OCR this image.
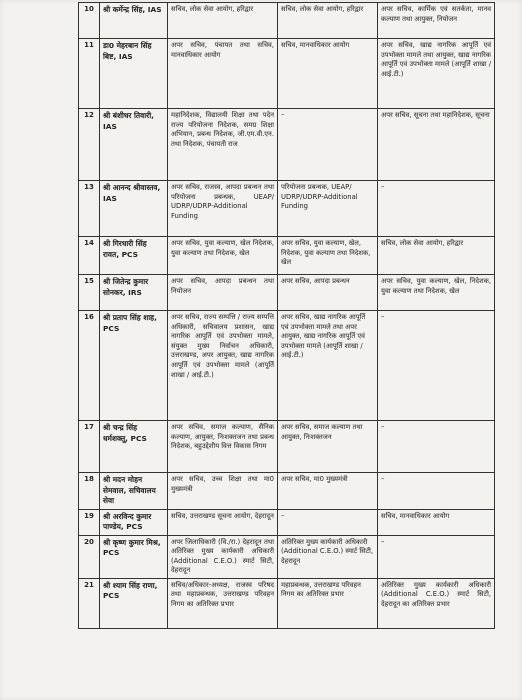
10	श्री कर्मेन्द्र सिंह, IAS	सचिव, लोक सेवा आयोग, हरिद्वार	सचिव, लोक सेवा आयोग, हरिद्वार	अपर सचिव, कार्मिक एवं सतर्कता, मानव कल्याण तथा आयुक्त, नियोजन
11	डा0 मेहरबान सिंह बिष्ट, IAS	अपर सचिव, पंचायत तथा सचिव, मानवाधिकार आयोग	सचिव, मानवाधिकार आयोग	अपर सचिव, खाद्य नागरिक आपूर्ति एवं उपभोक्ता मामले तथा आयुक्त, खाद्य नागरिक आपूर्ति एवं उपभोक्ता मामले (आपूर्ति शाखा / आई.टी.)
12	श्री बंशीधर तिवारी, IAS	महानिदेशक, विद्यालयी शिक्षा तथा पदेन राज्य परियोजना निदेशक, समग्र शिक्षा अभियान, प्रबन्ध निदेशक, जी.एम.वी.एन. तथा निदेशक, पंचायती राज	–	अपर सचिव, सूचना तथा महानिदेशक, सूचना
13	श्री आनन्द श्रीवास्तव, IAS	अपर सचिव, राजस्व, आपदा प्रबन्धन तथा परियोजना प्रबन्धक, UEAP/ UDRP/UDRP-Additional Funding	परियोजना प्रबन्धक, UEAP/ UDRP/UDRP-Additional Funding	–
14	श्री गिरधारी सिंह रावत, PCS	अपर सचिव, युवा कल्याण, खेल निदेशक, युवा कल्याण तथा निदेशक, खेल	अपर सचिव, युवा कल्याण, खेल, निदेशक, युवा कल्याण तथा निदेशक, खेल	सचिव, लोक सेवा आयोग, हरिद्वार
15	श्री जितेन्द्र कुमार सोनकर, IRS	अपर सचिव, आपदा प्रबन्धन तथा नियोजन	अपर सचिव, आपदा प्रबन्धन	अपर सचिव, युवा कल्याण, खेल, निदेशक, युवा कल्याण तथा निदेशक, खेल
16	श्री प्रताप सिंह शाह, PCS	अपर सचिव, राज्य सम्पत्ति / राज्य सम्पत्ति अधिकारी, सचिवालय प्रशासन, खाद्य नागरिक आपूर्ति एवं उपभोक्ता मामले, संयुक्त मुख्य निर्वाचन अधिकारी, उत्तराखण्ड, अपर आयुक्त, खाद्य नागरिक आपूर्ति एवं उपभोक्ता मामले (आपूर्ति शाखा / आई.टी.)	अपर सचिव, खाद्य नागरिक आपूर्ति एवं उपभोक्ता मामले तथा अपर आयुक्त, खाद्य नागरिक आपूर्ति एवं उपभोक्ता मामले (आपूर्ति शाखा / आई.टी.)	–
17	श्री चन्द्र सिंह धर्मशक्तू, PCS	अपर सचिव, समाज कल्याण, सैनिक कल्याण, आयुक्त, निःशक्तजन तथा प्रबन्ध निदेशक, बहुउद्देशीय वित्त विकास निगम	अपर सचिव, समाज कल्याण तथा आयुक्त, निःशक्तजन	–
18	श्री मदन मोहन सेमवाल, सचिवालय सेवा	अपर सचिव, उच्च शिक्षा तथा मा0 मुख्यमंत्री	अपर सचिव, मा0 मुख्यमंत्री	–
19	श्री अरविन्द कुमार पाण्डेय, PCS	सचिव, उत्तराखण्ड सूचना आयोग, देहरादून	–	सचिव, मानवाधिकार आयोग
20	श्री कृष्ण कुमार मिश्र, PCS	अपर जिलाधिकारी (वि./रा.) देहरादून तथा अतिरिक्त मुख्य कार्यकारी अधिकारी (Additional C.E.O.) स्मार्ट सिटी, देहरादून	अतिरिक्त मुख्य कार्यकारी अधिकारी (Additional C.E.O.) स्मार्ट सिटी, देहरादून	–
21	श्री श्याम सिंह राणा, PCS	सचिव/अधिकार-अध्यक्ष, राजस्व परिषद तथा महाप्रबन्धक, उत्तराखण्ड परिवहन निगम का अतिरिक्त प्रभार	महाप्रबन्धक, उत्तराखण्ड परिवहन निगम का अतिरिक्त प्रभार	अतिरिक्त मुख्य कार्यकारी अधिकारी (Additional C.E.O.) स्मार्ट सिटी, देहरादून का अतिरिक्त प्रभार
